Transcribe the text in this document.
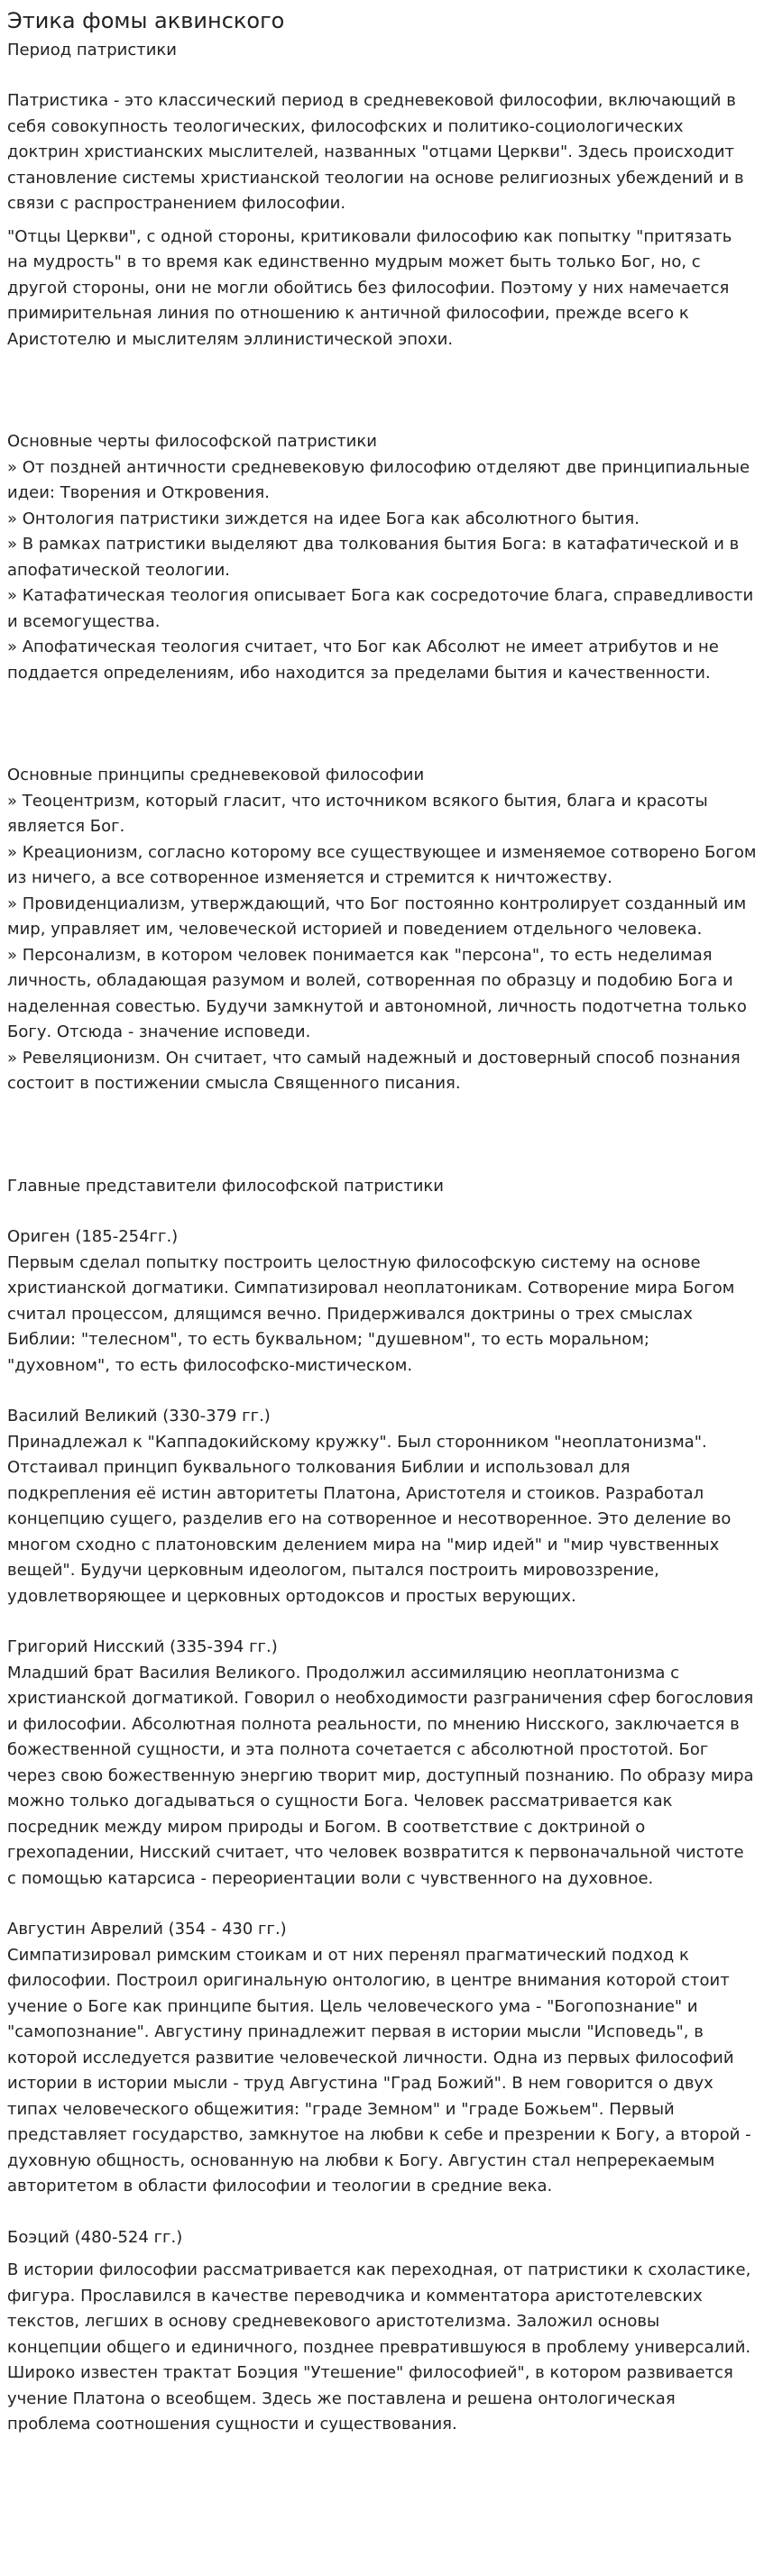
Этика фомы аквинского

Период патристики

Патристика - это классический период в средневековой философии, включающий в себя совокупность теологических, философских и политико-социологических доктрин христианских мыслителей, названных "отцами Церкви". Здесь происходит становление системы христианской теологии на основе религиозных убеждений и в связи с распространением философии.

"Отцы Церкви", с одной стороны, критиковали философию как попытку "притязать на мудрость" в то время как единственно мудрым может быть только Бог, но, с другой стороны, они не могли обойтись без философии. Поэтому у них намечается примирительная линия по отношению к античной философии, прежде всего к Аристотелю и мыслителям эллинистической эпохи.

Основные черты философской патристики

» От поздней античности средневековую философию отделяют две принципиальные идеи: Творения и Откровения.

» Онтология патристики зиждется на идее Бога как абсолютного бытия.

» В рамках патристики выделяют два толкования бытия Бога: в катафатической и в апофатической теологии.

» Катафатическая теология описывает Бога как сосредоточие блага, справедливости и всемогущества.

» Апофатическая теология считает, что Бог как Абсолют не имеет атрибутов и не поддается определениям, ибо находится за пределами бытия и качественности.

Основные принципы средневековой философии

» Теоцентризм, который гласит, что источником всякого бытия, блага и красоты является Бог.

» Креационизм, согласно которому все существующее и изменяемое сотворено Богом из ничего, а все сотворенное изменяется и стремится к ничтожеству.

» Провиденциализм, утверждающий, что Бог постоянно контролирует созданный им мир, управляет им, человеческой историей и поведением отдельного человека.

» Персонализм, в котором человек понимается как "персона", то есть неделимая личность, обладающая разумом и волей, сотворенная по образцу и подобию Бога и наделенная совестью. Будучи замкнутой и автономной, личность подотчетна только Богу. Отсюда - значение исповеди.

» Ревеляционизм. Он считает, что самый надежный и достоверный способ познания состоит в постижении смысла Священного писания.

Главные представители философской патристики

Ориген (185-254гг.)

Первым сделал попытку построить целостную философскую систему на основе христианской догматики. Симпатизировал неоплатоникам. Сотворение мира Богом считал процессом, длящимся вечно. Придерживался доктрины о трех смыслах Библии: "телесном", то есть буквальном; "душевном", то есть моральном; "духовном", то есть философско-мистическом.

Василий Великий (330-379 гг.)

Принадлежал к "Каппадокийскому кружку". Был сторонником "неоплатонизма". Отстаивал принцип буквального толкования Библии и использовал для подкрепления её истин авторитеты Платона, Аристотеля и стоиков. Разработал концепцию сущего, разделив его на сотворенное и несотворенное. Это деление во многом сходно с платоновским делением мира на "мир идей" и "мир чувственных вещей". Будучи церковным идеологом, пытался построить мировоззрение, удовлетворяющее и церковных ортодоксов и простых верующих.

Григорий Нисский (335-394 гг.)

Младший брат Василия Великого. Продолжил ассимиляцию неоплатонизма с христианской догматикой. Говорил о необходимости разграничения сфер богословия и философии. Абсолютная полнота реальности, по мнению Нисского, заключается в божественной сущности, и эта полнота сочетается с абсолютной простотой. Бог через свою божественную энергию творит мир, доступный познанию. По образу мира можно только догадываться о сущности Бога. Человек рассматривается как посредник между миром природы и Богом. В соответствие с доктриной о грехопадении, Нисский считает, что человек возвратится к первоначальной чистоте с помощью катарсиса - переориентации воли с чувственного на духовное.

Августин Аврелий (354 - 430 гг.)

Симпатизировал римским стоикам и от них перенял прагматический подход к философии. Построил оригинальную онтологию, в центре внимания которой стоит учение о Боге как принципе бытия. Цель человеческого ума - "Богопознание" и "самопознание". Августину принадлежит первая в истории мысли "Исповедь", в которой исследуется развитие человеческой личности. Одна из первых философий истории в истории мысли - труд Августина "Град Божий". В нем говорится о двух типах человеческого общежития: "граде Земном" и "граде Божьем". Первый представляет государство, замкнутое на любви к себе и презрении к Богу, а второй - духовную общность, основанную на любви к Богу. Августин стал непререкаемым авторитетом в области философии и теологии в средние века.

Боэций (480-524 гг.)

В истории философии рассматривается как переходная, от патристики к схоластике, фигура. Прославился в качестве переводчика и комментатора аристотелевских текстов, легших в основу средневекового аристотелизма. Заложил основы концепции общего и единичного, позднее превратившуюся в проблему универсалий. Широко известен трактат Боэция "Утешение" философией", в котором развивается учение Платона о всеобщем. Здесь же поставлена и решена онтологическая проблема соотношения сущности и существования.
